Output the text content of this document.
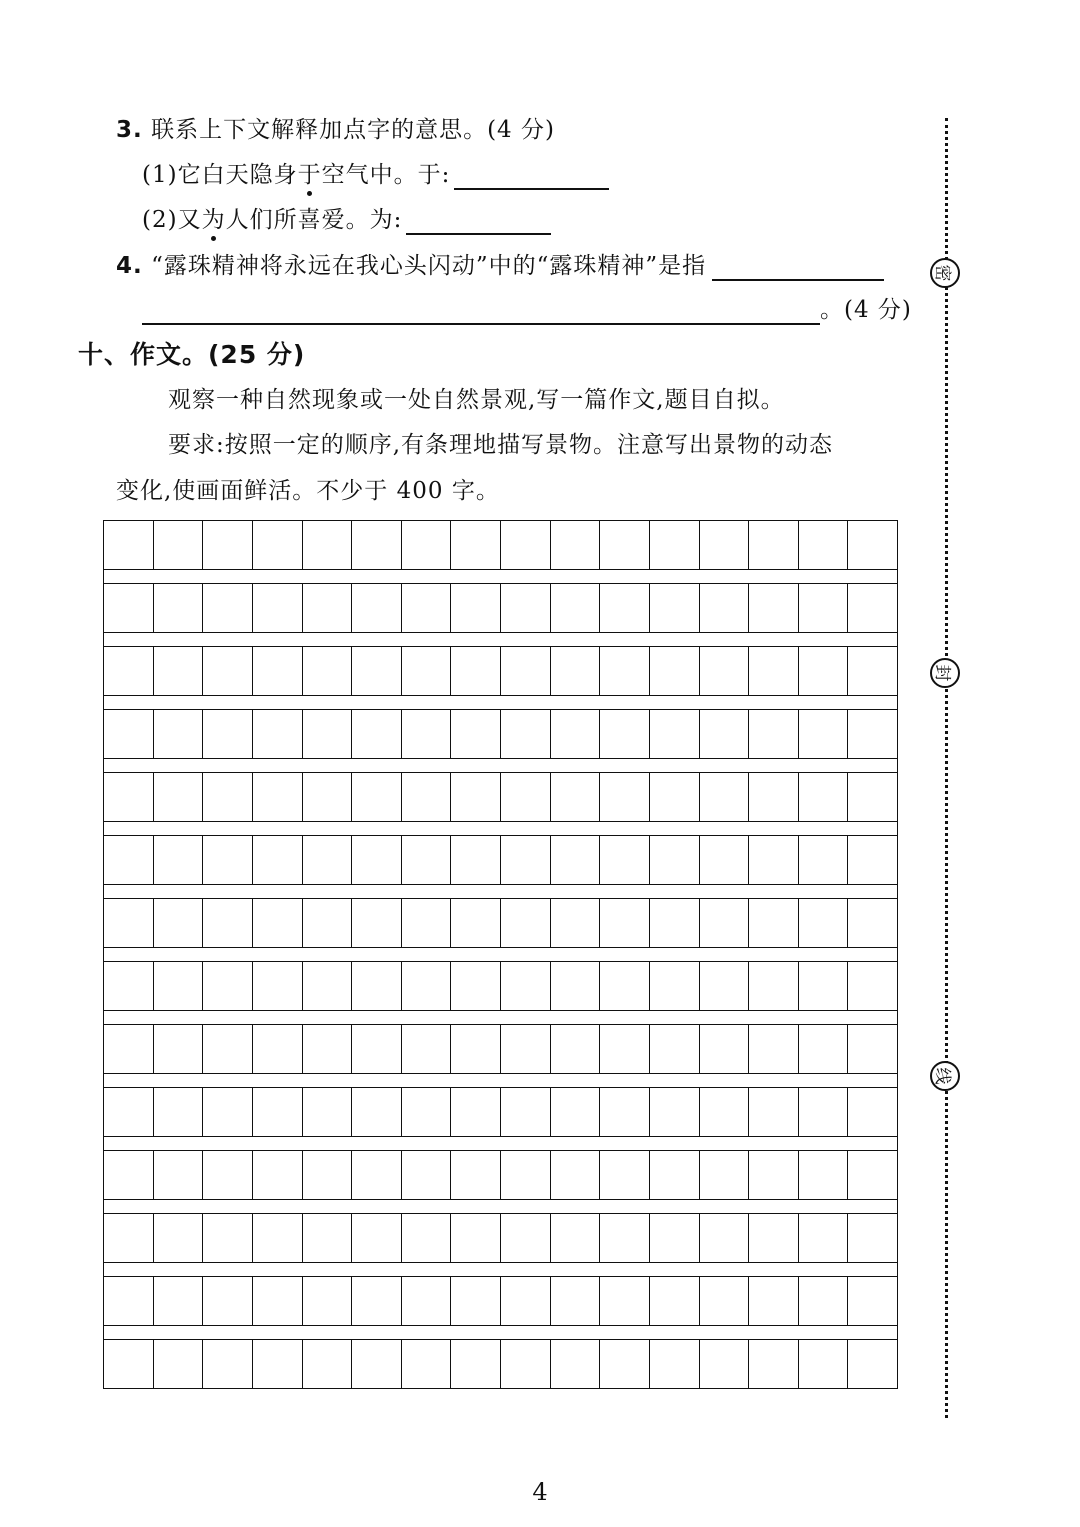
3. 联系上下文解释加点字的意思。(4 分)
(1)它白天隐身于空气中。于:
(2)又为人们所喜爱。为:
4. “露珠精神将永远在我心头闪动”中的“露珠精神”是指
。(4 分)
十、作文。(25 分)
观察一种自然现象或一处自然景观,写一篇作文,题目自拟。
要求:按照一定的顺序,有条理地描写景物。注意写出景物的动态
变化,使画面鲜活。不少于 400 字。
密
封
线
4
